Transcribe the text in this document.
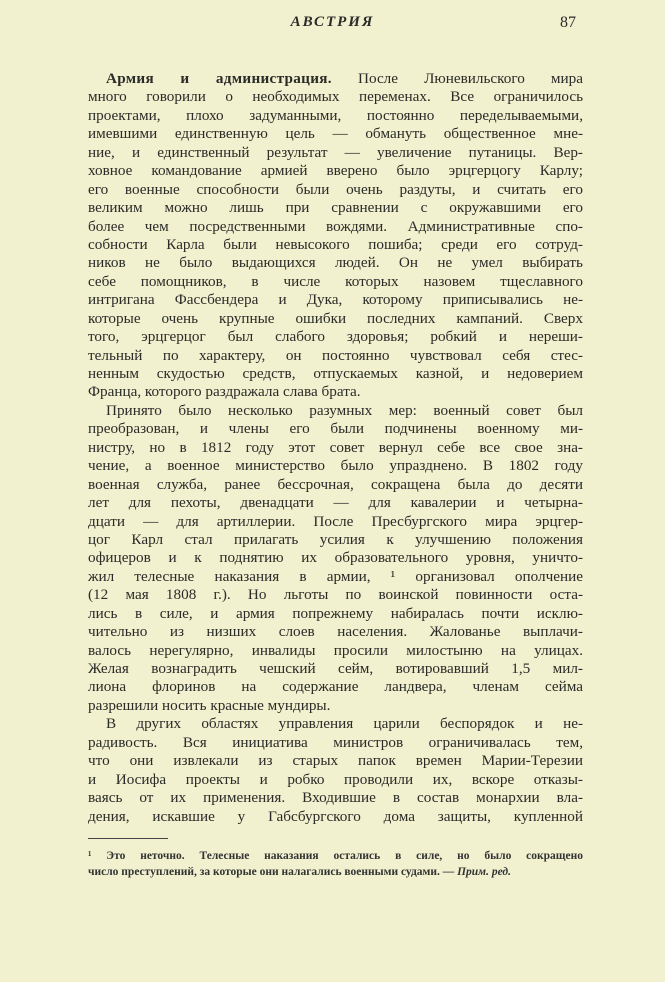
АВСТРИЯ	87
Армия и администрация. После Люневильского мира
много говорили о необходимых переменах. Все ограничилось
проектами, плохо задуманными, постоянно переделываемыми,
имевшими единственную цель — обмануть общественное мне-
ние, и единственный результат — увеличение путаницы. Вер-
ховное командование армией вверено было эрцгерцогу Карлу;
его военные способности были очень раздуты, и считать его
великим можно лишь при сравнении с окружавшими его
более чем посредственными вождями. Административные спо-
собности Карла были невысокого пошиба; среди его сотруд-
ников не было выдающихся людей. Он не умел выбирать
себе помощников, в числе которых назовем тщеславного
интригана Фассбендера и Дука, которому приписывались не-
которые очень крупные ошибки последних кампаний. Сверх
того, эрцгерцог был слабого здоровья; робкий и нереши-
тельный по характеру, он постоянно чувствовал себя стес-
ненным скудостью средств, отпускаемых казной, и недоверием
Франца, которого раздражала слава брата.
Принято было несколько разумных мер: военный совет был
преобразован, и члены его были подчинены военному ми-
нистру, но в 1812 году этот совет вернул себе все свое зна-
чение, а военное министерство было упразднено. В 1802 году
военная служба, ранее бессрочная, сокращена была до десяти
лет для пехоты, двенадцати — для кавалерии и четырна-
дцати — для артиллерии. После Пресбургского мира эрцгер-
цог Карл стал прилагать усилия к улучшению положения
офицеров и к поднятию их образовательного уровня, уничто-
жил телесные наказания в армии, ¹ организовал ополчение
(12 мая 1808 г.). Но льготы по воинской повинности оста-
лись в силе, и армия попрежнему набиралась почти исклю-
чительно из низших слоев населения. Жалованье выплачи-
валось нерегулярно, инвалиды просили милостыню на улицах.
Желая вознаградить чешский сейм, вотировавший 1,5 мил-
лиона флоринов на содержание ландвера, членам сейма
разрешили носить красные мундиры.
В других областях управления царили беспорядок и не-
радивость. Вся инициатива министров ограничивалась тем,
что они извлекали из старых папок времен Марии-Терезии
и Иосифа проекты и робко проводили их, вскоре отказы-
ваясь от их применения. Входившие в состав монархии вла-
дения, искавшие у Габсбургского дома защиты, купленной
¹ Это неточно. Телесные наказания остались в силе, но было сокращено
число преступлений, за которые они налагались военными судами. — Прим. ред.
